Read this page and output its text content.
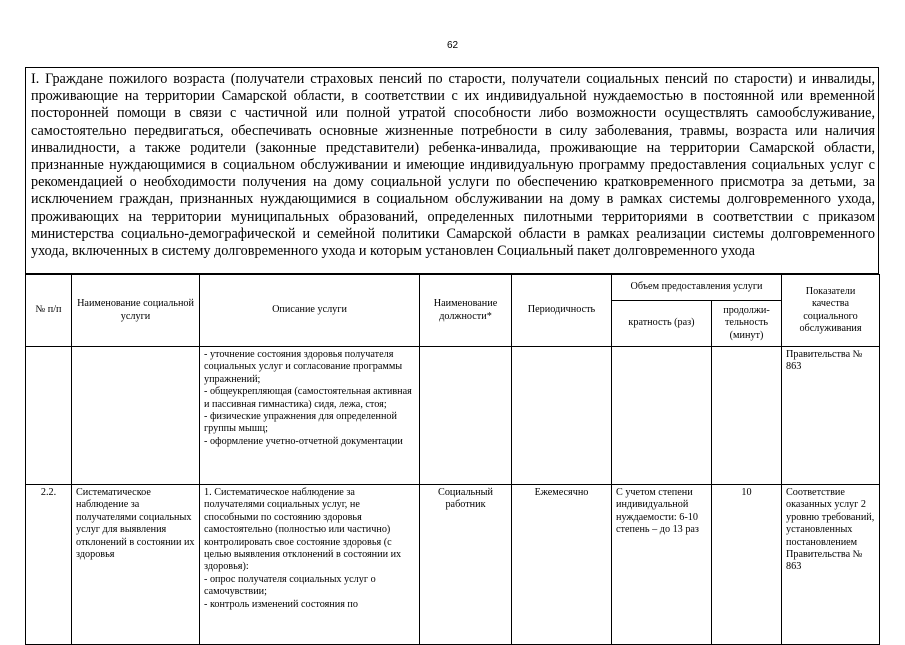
62
I. Граждане пожилого возраста (получатели страховых пенсий по старости, получатели социальных пенсий по старости) и инвалиды, проживающие на территории Самарской области, в соответствии с их индивидуальной нуждаемостью в постоянной или временной посторонней помощи в связи с частичной или полной утратой способности либо возможности осуществлять самообслуживание, самостоятельно передвигаться, обеспечивать основные жизненные потребности в силу заболевания, травмы, возраста или наличия инвалидности, а также родители (законные представители) ребенка-инвалида, проживающие на территории Самарской области, признанные нуждающимися в социальном обслуживании и имеющие индивидуальную программу предоставления социальных услуг с рекомендацией о необходимости получения на дому социальной услуги по обеспечению кратковременного присмотра за детьми, за исключением граждан, признанных нуждающимися в социальном обслуживании на дому в рамках системы долговременного ухода, проживающих на территории муниципальных образований, определенных пилотными территориями в соответствии с приказом министерства социально-демографической и семейной политики Самарской области в рамках реализации системы долговременного ухода, включенных в систему долговременного ухода и которым установлен Социальный пакет долговременного ухода
№ п/п	Наименование социальной услуги	Описание услуги	Наименование должности*	Периодичность	Объем предоставления услуги		Показатели качества социального обслуживания
					кратность (раз)	продолжи-тельность (минут)	

		- уточнение состояния здоровья получателя социальных услуг и согласование программы упражнений;
- общеукрепляющая (самостоятельная активная и пассивная гимнастика) сидя, лежа, стоя;
- физические упражнения для определенной группы мышц;
- оформление учетно-отчетной документации					Правительства № 863
2.2.	Систематическое наблюдение за получателями социальных услуг для выявления отклонений в состоянии их здоровья	1. Систематическое наблюдение за получателями социальных услуг, не способными по состоянию здоровья самостоятельно (полностью или частично) контролировать свое состояние здоровья (с целью выявления отклонений в состоянии их здоровья):
- опрос получателя социальных услуг о самочувствии;
- контроль изменений состояния по	Социальный работник	Ежемесячно	С учетом степени индивидуальной нуждаемости: 6-10 степень – до 13 раз	10	Соответствие оказанных услуг 2 уровню требований, установленных постановлением Правительства № 863
